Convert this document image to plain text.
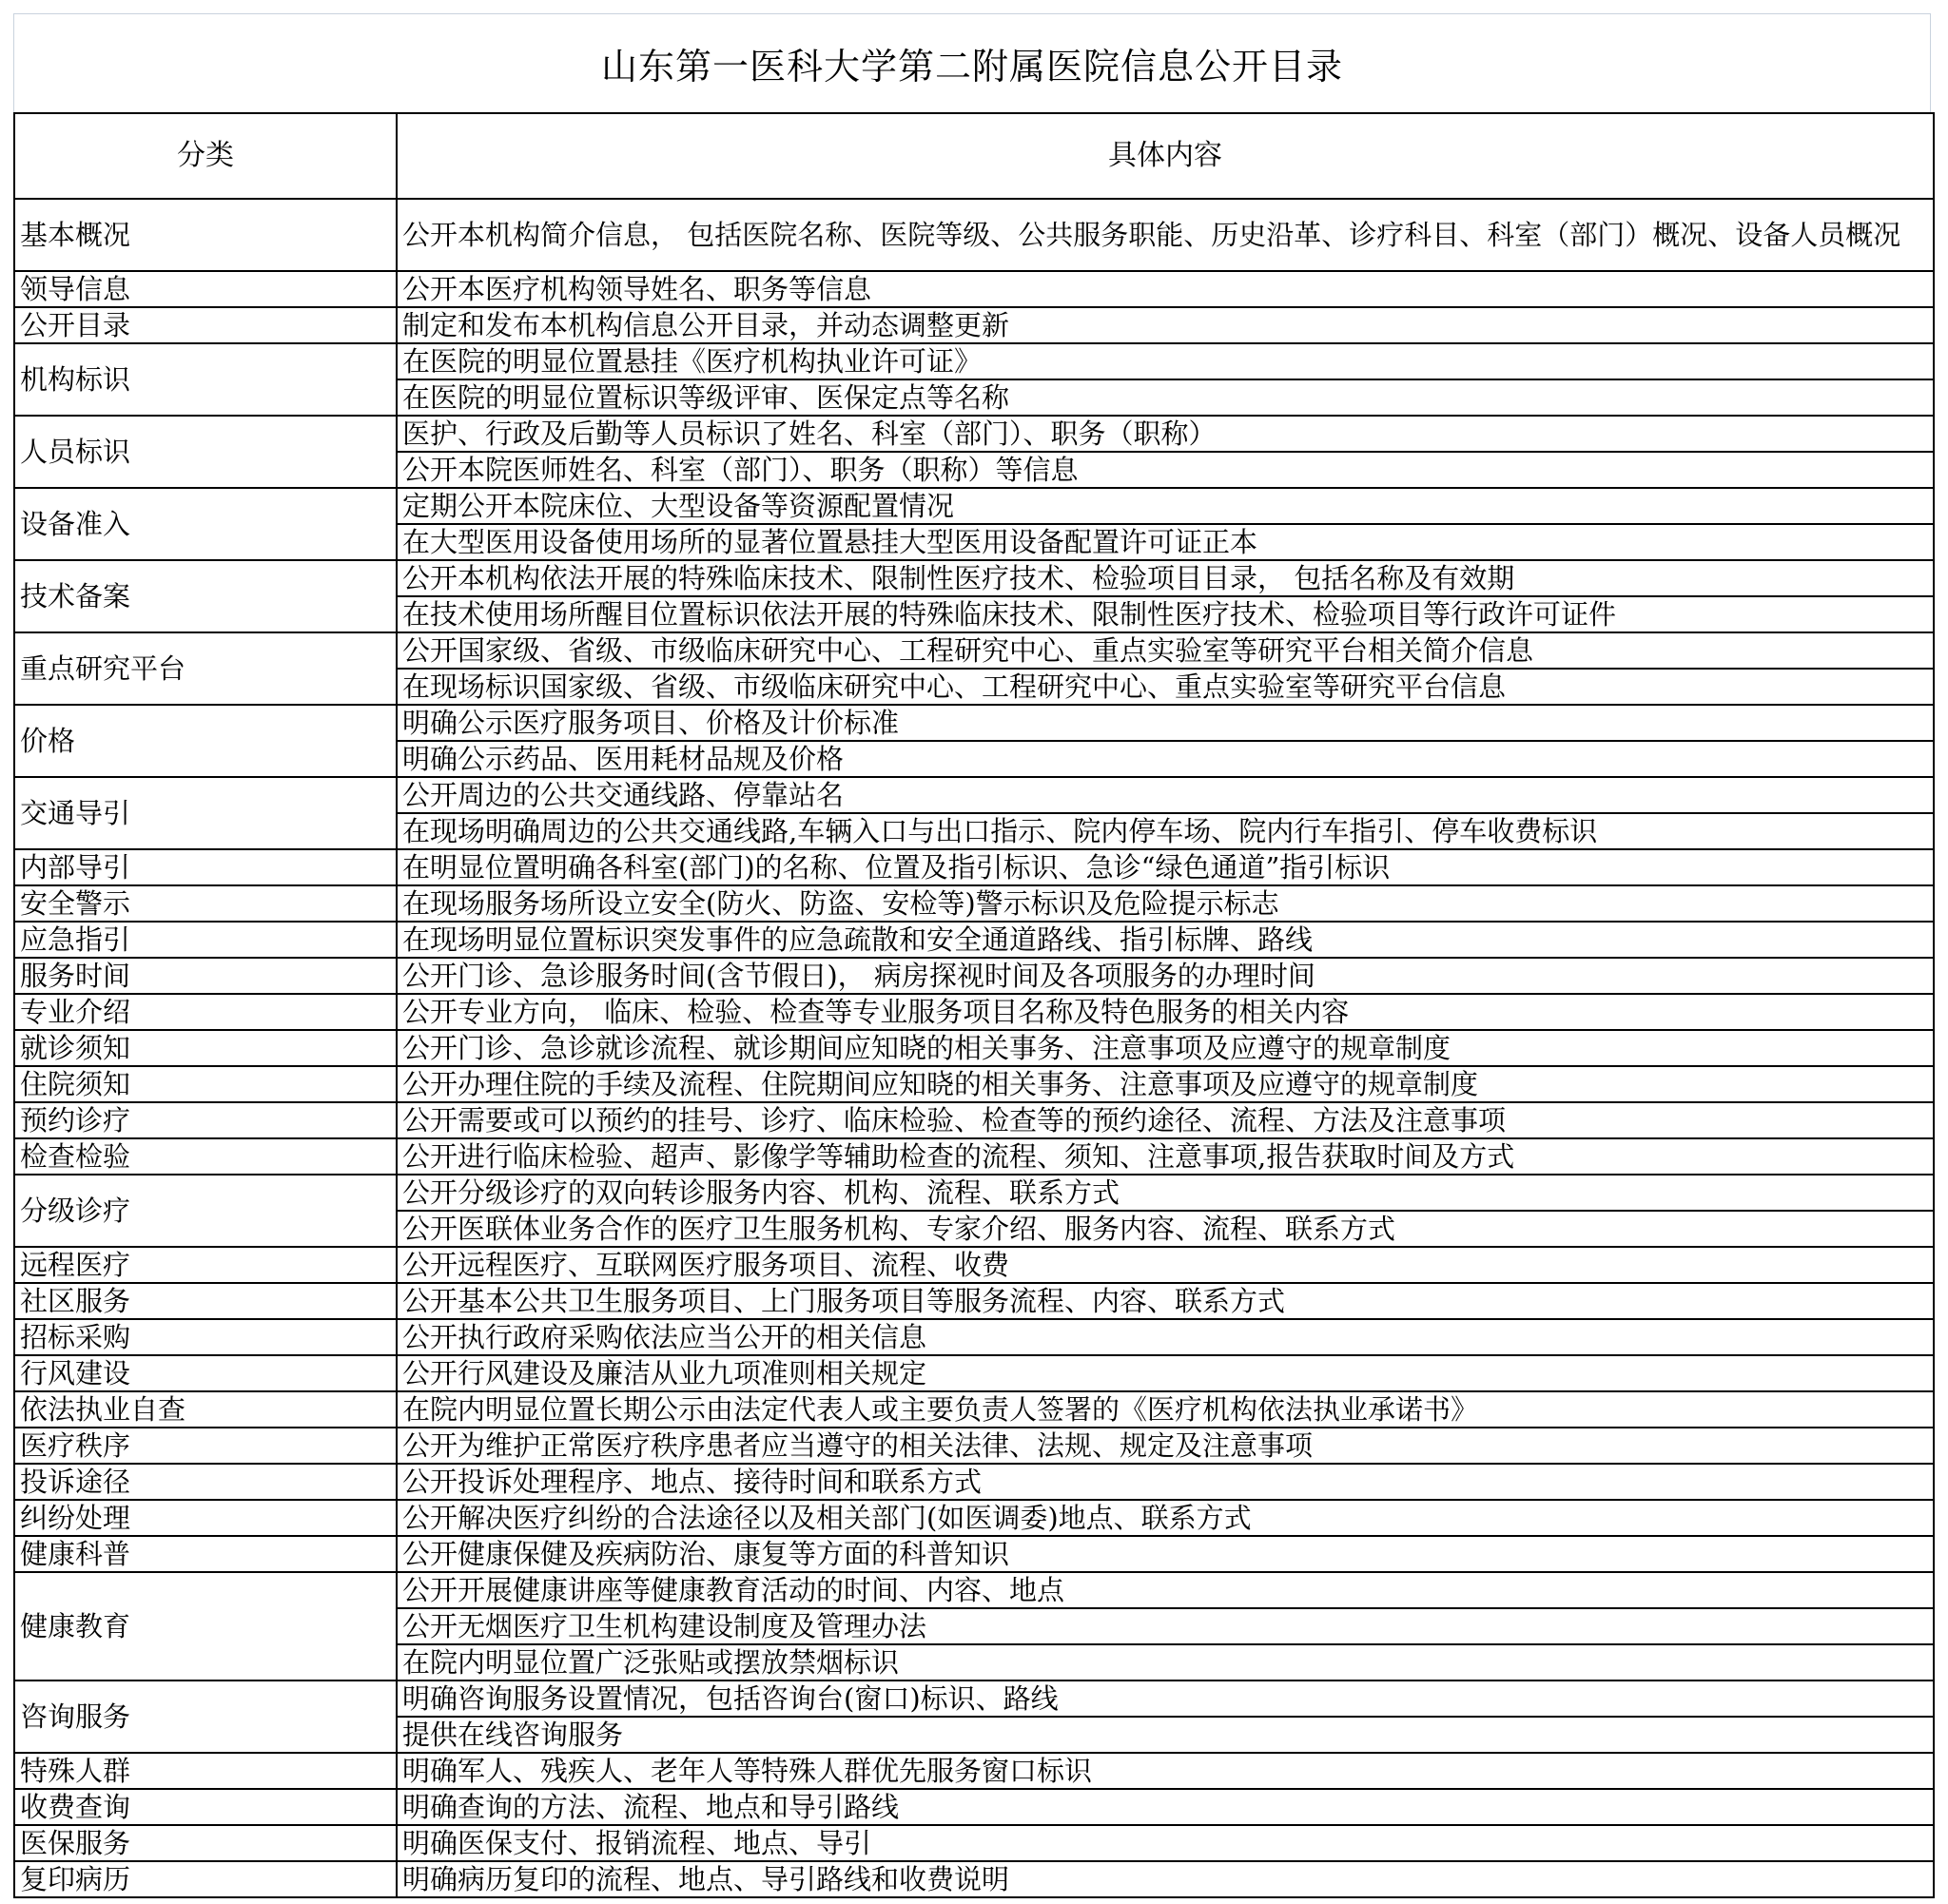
山东第一医科大学第二附属医院信息公开目录
分类	具体内容
基本概况	公开本机构简介信息， 包括医院名称、医院等级、公共服务职能、历史沿革、诊疗科目、科室（部门）概况、设备人员概况
领导信息	公开本医疗机构领导姓名、职务等信息
公开目录	制定和发布本机构信息公开目录，并动态调整更新
机构标识	在医院的明显位置悬挂《医疗机构执业许可证》
	在医院的明显位置标识等级评审、医保定点等名称
人员标识	医护、行政及后勤等人员标识了姓名、科室（部门）、职务（职称）
	公开本院医师姓名、科室（部门）、职务（职称）等信息
设备准入	定期公开本院床位、大型设备等资源配置情况
	在大型医用设备使用场所的显著位置悬挂大型医用设备配置许可证正本
技术备案	公开本机构依法开展的特殊临床技术、限制性医疗技术、检验项目目录， 包括名称及有效期
	在技术使用场所醒目位置标识依法开展的特殊临床技术、限制性医疗技术、检验项目等行政许可证件
重点研究平台	公开国家级、省级、市级临床研究中心、工程研究中心、重点实验室等研究平台相关简介信息
	在现场标识国家级、省级、市级临床研究中心、工程研究中心、重点实验室等研究平台信息
价格	明确公示医疗服务项目、价格及计价标准
	明确公示药品、医用耗材品规及价格
交通导引	公开周边的公共交通线路、停靠站名
	在现场明确周边的公共交通线路,车辆入口与出口指示、院内停车场、院内行车指引、停车收费标识
内部导引	在明显位置明确各科室(部门)的名称、位置及指引标识、急诊“绿色通道”指引标识
安全警示	在现场服务场所设立安全(防火、防盗、安检等)警示标识及危险提示标志
应急指引	在现场明显位置标识突发事件的应急疏散和安全通道路线、指引标牌、路线
服务时间	公开门诊、急诊服务时间(含节假日)， 病房探视时间及各项服务的办理时间
专业介绍	公开专业方向， 临床、检验、检查等专业服务项目名称及特色服务的相关内容
就诊须知	公开门诊、急诊就诊流程、就诊期间应知晓的相关事务、注意事项及应遵守的规章制度
住院须知	公开办理住院的手续及流程、住院期间应知晓的相关事务、注意事项及应遵守的规章制度
预约诊疗	公开需要或可以预约的挂号、诊疗、临床检验、检查等的预约途径、流程、方法及注意事项
检查检验	公开进行临床检验、超声、影像学等辅助检查的流程、须知、注意事项,报告获取时间及方式
分级诊疗	公开分级诊疗的双向转诊服务内容、机构、流程、联系方式
	公开医联体业务合作的医疗卫生服务机构、专家介绍、服务内容、流程、联系方式
远程医疗	公开远程医疗、互联网医疗服务项目、流程、收费
社区服务	公开基本公共卫生服务项目、上门服务项目等服务流程、内容、联系方式
招标采购	公开执行政府采购依法应当公开的相关信息
行风建设	公开行风建设及廉洁从业九项准则相关规定
依法执业自查	在院内明显位置长期公示由法定代表人或主要负责人签署的《医疗机构依法执业承诺书》
医疗秩序	公开为维护正常医疗秩序患者应当遵守的相关法律、法规、规定及注意事项
投诉途径	公开投诉处理程序、地点、接待时间和联系方式
纠纷处理	公开解决医疗纠纷的合法途径以及相关部门(如医调委)地点、联系方式
健康科普	公开健康保健及疾病防治、康复等方面的科普知识
健康教育	公开开展健康讲座等健康教育活动的时间、内容、地点
	公开无烟医疗卫生机构建设制度及管理办法
	在院内明显位置广泛张贴或摆放禁烟标识
咨询服务	明确咨询服务设置情况，包括咨询台(窗口)标识、路线
	提供在线咨询服务
特殊人群	明确军人、残疾人、老年人等特殊人群优先服务窗口标识
收费查询	明确查询的方法、流程、地点和导引路线
医保服务	明确医保支付、报销流程、地点、导引
复印病历	明确病历复印的流程、地点、导引路线和收费说明
